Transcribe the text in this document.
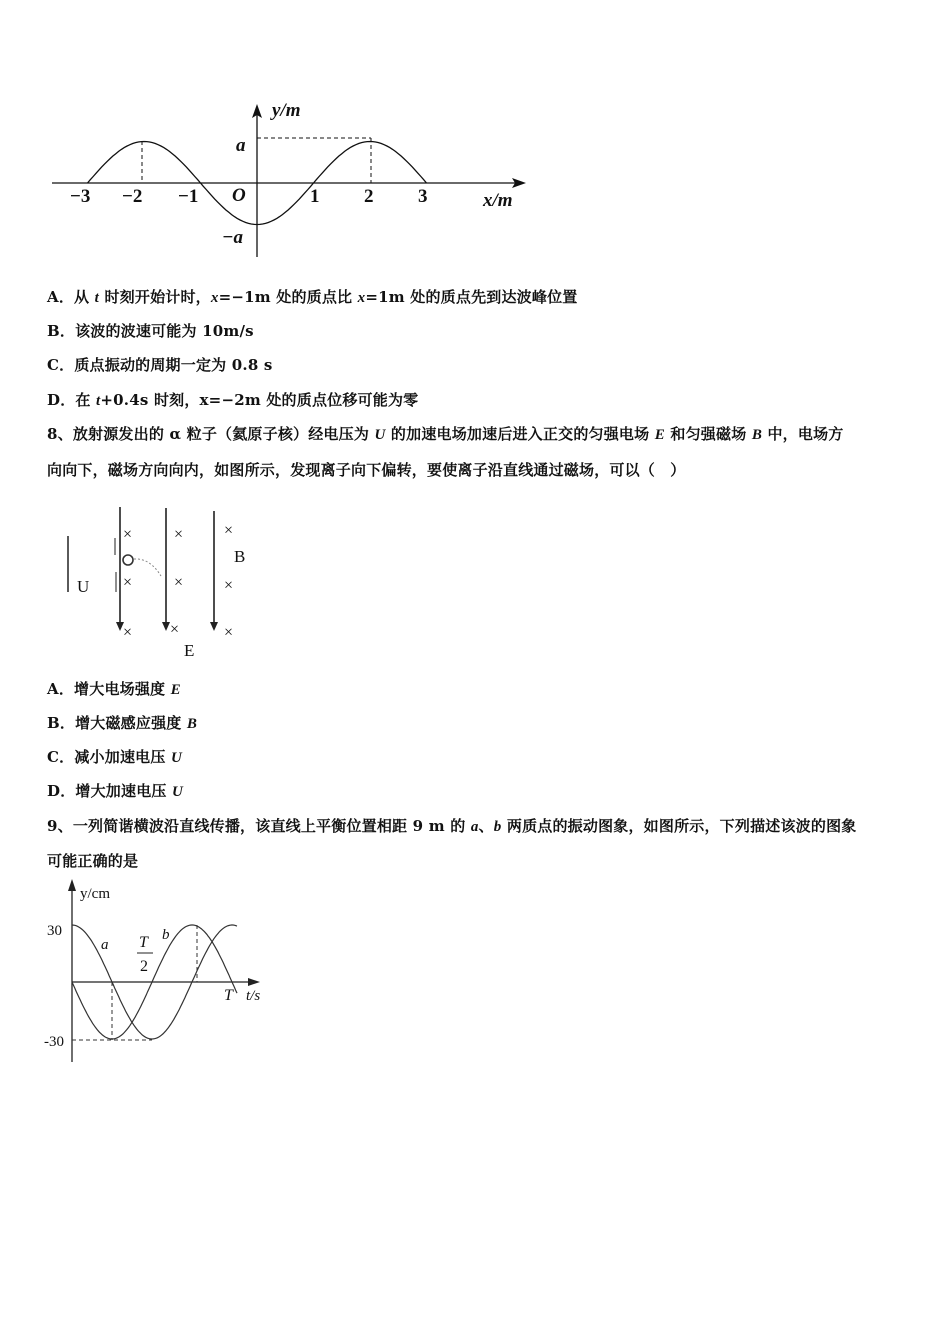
y/m
x/m
a
−a
O
−3 −2 −1	1 2 3
A．从 t 时刻开始计时，x=−1m 处的质点比 x=1m 处的质点先到达波峰位置
B．该波的波速可能为 10m/s
C．质点振动的周期一定为 0.8 s
D．在 t+0.4s 时刻，x=−2m 处的质点位移可能为零
8、放射源发出的 α 粒子（氦原子核）经电压为 U 的加速电场加速后进入正交的匀强电场 E 和匀强磁场 B 中，电场方
向向下，磁场方向向内，如图所示，发现离子向下偏转，要使离子沿直线通过磁场，可以（　）
×	×	×
×	×	×
× ×	×
U
E
B
A．增大电场强度 E
B．增大磁感应强度 B
C．减小加速电压 U
D．增大加速电压 U
9、一列简谐横波沿直线传播，该直线上平衡位置相距 9 m 的 a、b 两质点的振动图象，如图所示，下列描述该波的图象
可能正确的是
y/cm
t/s
30
-30
a
b
T
2
T
